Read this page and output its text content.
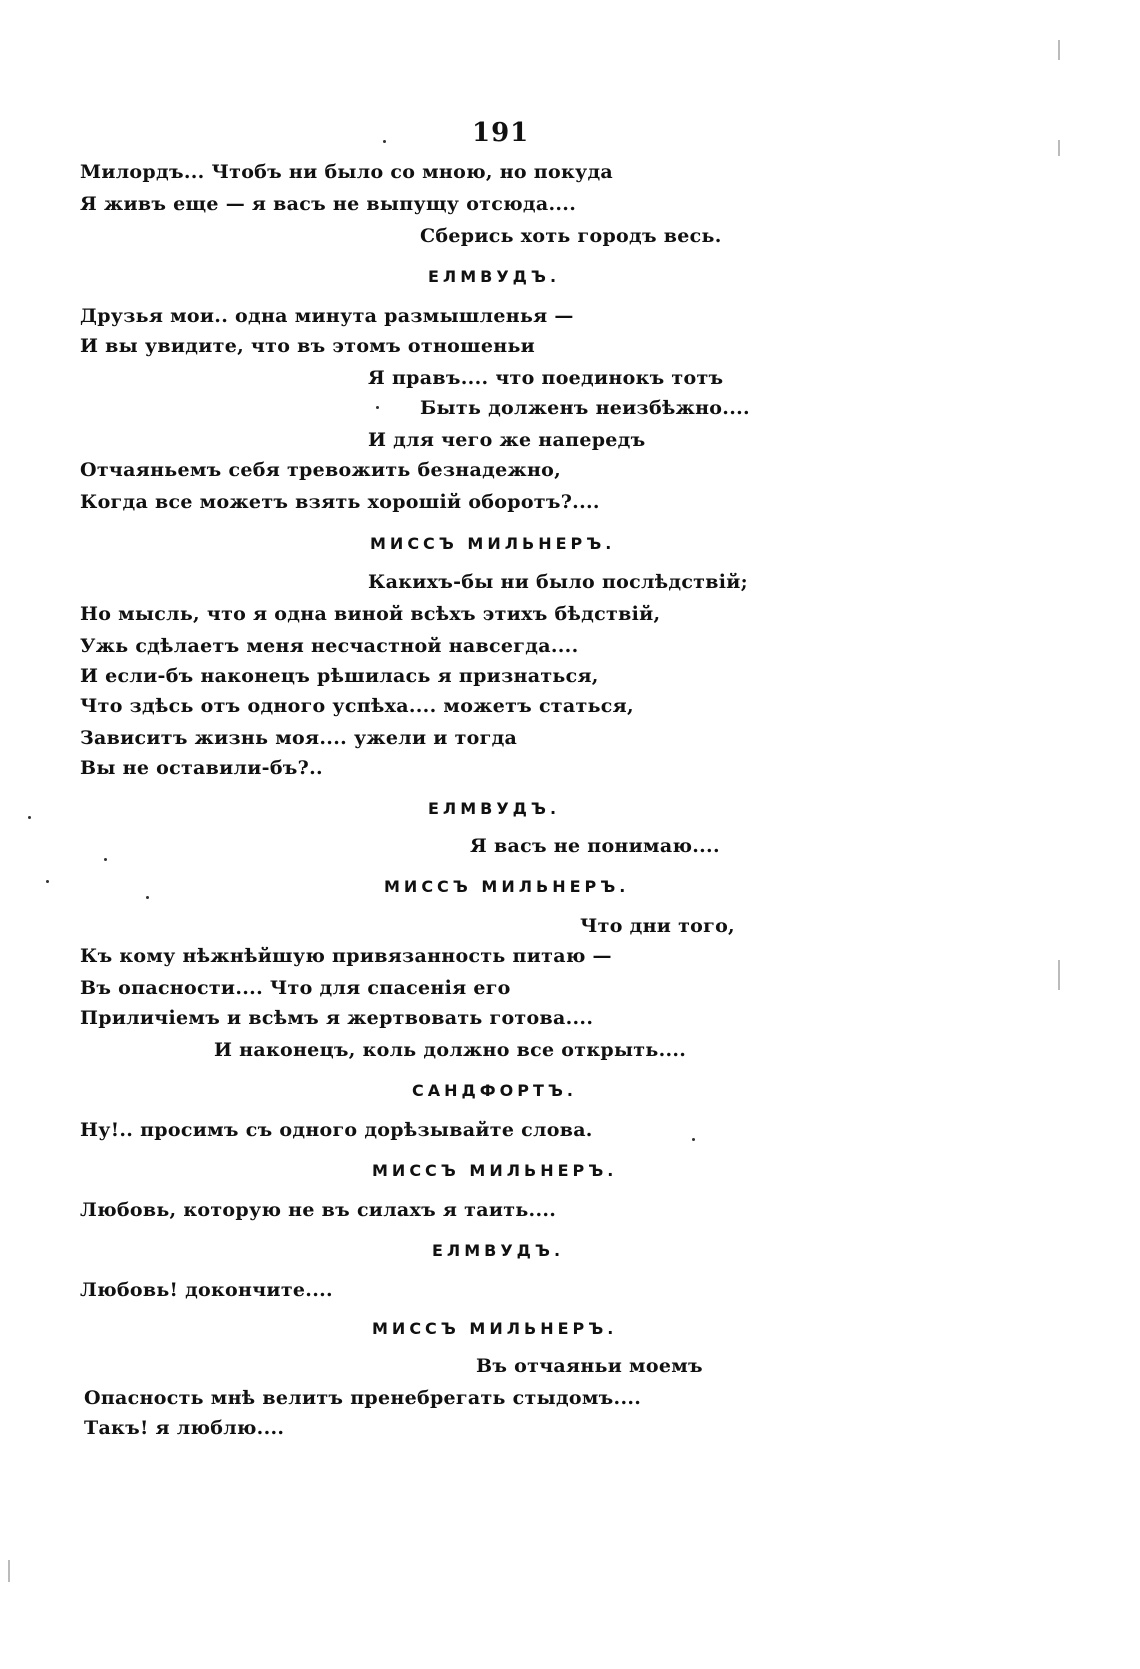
191
Милордъ... Чтобъ ни было со мною, но покуда
Я живъ еще — я васъ не выпущу отсюда....
Сберись хоть городъ весь.
ЕЛМВУДЪ.
Друзья мои.. одна минута размышленья —
И вы увидите, что въ этомъ отношеньи
Я правъ.... что поединокъ тотъ
Быть долженъ неизбѣжно....
И для чего же напередъ
Отчаяньемъ себя тревожить безнадежно,
Когда все можетъ взять хорошій оборотъ?....
МИССЪ МИЛЬНЕРЪ.
Какихъ-бы ни было послѣдствій;
Но мысль, что я одна виной всѣхъ этихъ бѣдствій,
Ужь сдѣлаетъ меня несчастной навсегда....
И если-бъ наконецъ рѣшилась я признаться,
Что здѣсь отъ одного успѣха.... можетъ статься,
Зависитъ жизнь моя.... ужели и тогда
Вы не оставили-бъ?..
ЕЛМВУДЪ.
Я васъ не понимаю....
МИССЪ МИЛЬНЕРЪ.
Что дни того,
Къ кому нѣжнѣйшую привязанность питаю —
Въ опасности.... Что для спасенія его
Приличіемъ и всѣмъ я жертвовать готова....
И наконецъ, коль должно все открыть....
САНДФОРТЪ.
Ну!.. просимъ съ одного дорѣзывайте слова.
МИССЪ МИЛЬНЕРЪ.
Любовь, которую не въ силахъ я таить....
ЕЛМВУДЪ.
Любовь! докончите....
МИССЪ МИЛЬНЕРЪ.
Въ отчаяньи моемъ
Опасность мнѣ велитъ пренебрегать стыдомъ....
Такъ! я люблю....
